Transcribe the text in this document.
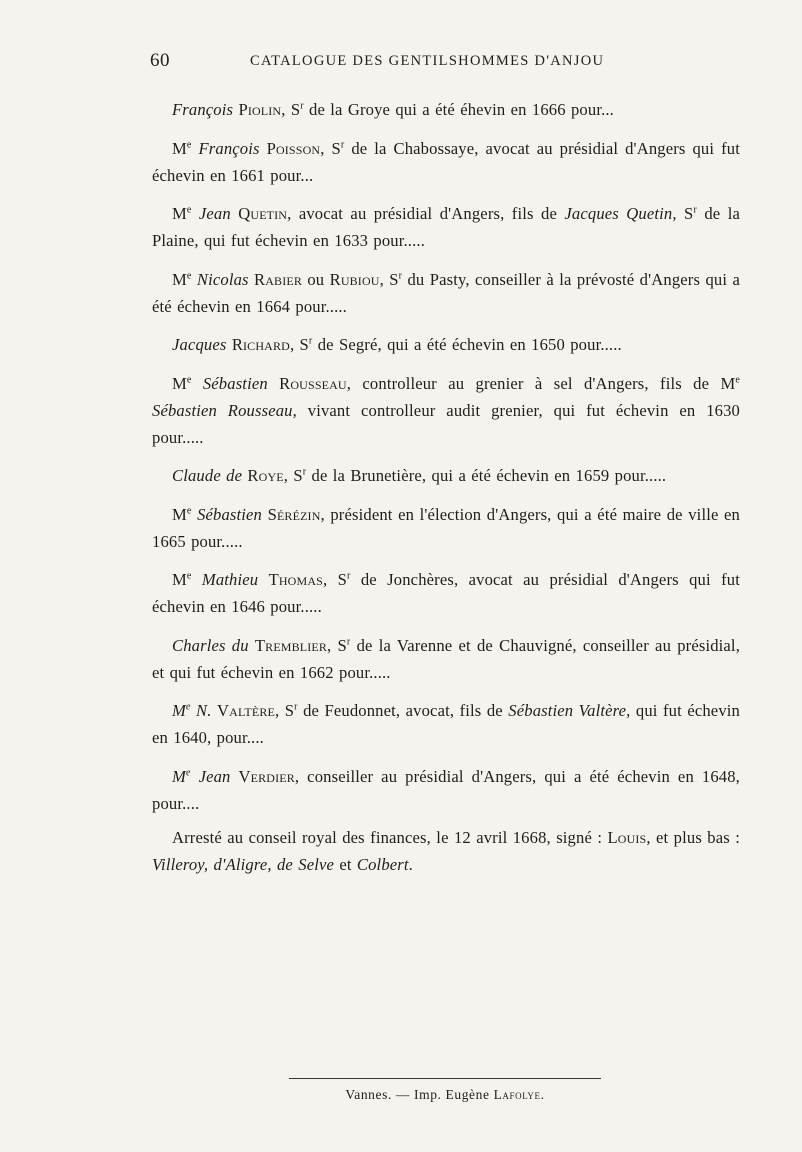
60	CATALOGUE DES GENTILSHOMMES D'ANJOU

François Piolin, $S^r$ de la Groye qui a été éhevin en 1666 pour...

Me François Poisson, $S^r$ de la Chabossaye, avocat au présidial d'Angers qui fut échevin en 1661 pour...

Me Jean Quetin, avocat au présidial d'Angers, fils de Jacques Quetin, $S^r$ de la Plaine, qui fut échevin en 1633 pour.....

Me Nicolas Rabier ou Rubiou, $S^r$ du Pasty, conseiller à la prévosté d'Angers qui a été échevin en 1664 pour.....

Jacques Richard, $S^r$ de Segré, qui a été échevin en 1650 pour.....

Me Sébastien Rousseau, controlleur au grenier à sel d'Angers, fils de Me Sébastien Rousseau, vivant controlleur audit grenier, qui fut échevin en 1630 pour.....

Claude de Roye, $S^r$ de la Brunetière, qui a été échevin en 1659 pour.....

Me Sébastien Sérézin, président en l'élection d'Angers, qui a été maire de ville en 1665 pour.....

Me Mathieu Thomas, $S^r$ de Jonchères, avocat au présidial d'Angers qui fut échevin en 1646 pour.....

Charles du Tremblier, $S^r$ de la Varenne et de Chauvigné, conseiller au présidial, et qui fut échevin en 1662 pour.....

Me N. Valtère, $S^r$ de Feudonnet, avocat, fils de Sébastien Valtère, qui fut échevin en 1640, pour....

Me Jean Verdier, conseiller au présidial d'Angers, qui a été échevin en 1648, pour....

Arresté au conseil royal des finances, le 12 avril 1668, signé : Louis, et plus bas : Villeroy, d'Aligre, de Selve et Colbert.

Vannes. — Imp. Eugène Lafolye.
